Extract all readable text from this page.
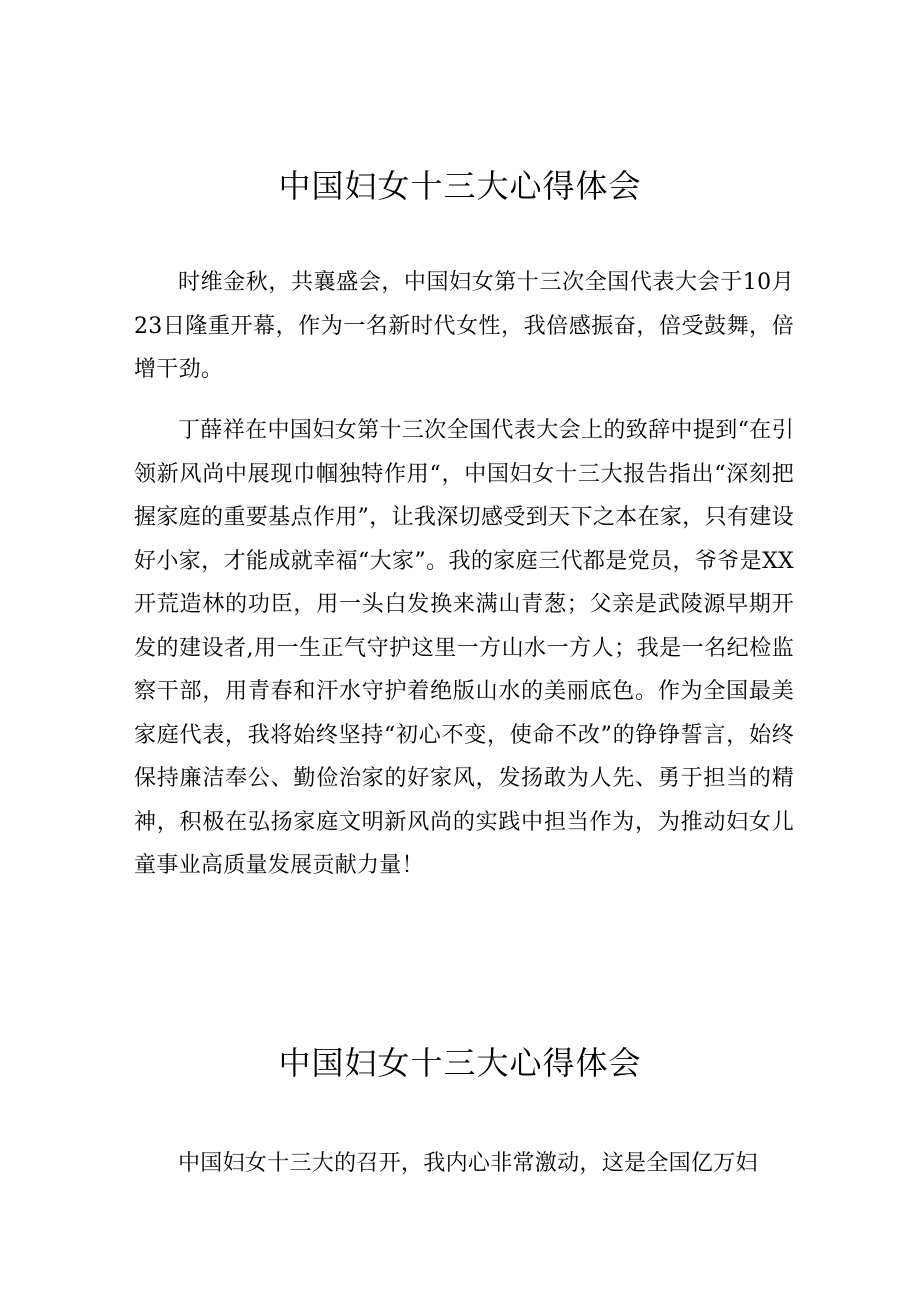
中国妇女十三大心得体会

时维金秋，共襄盛会，中国妇女第十三次全国代表大会于10月23日隆重开幕，作为一名新时代女性，我倍感振奋，倍受鼓舞，倍增干劲。

丁薛祥在中国妇女第十三次全国代表大会上的致辞中提到“在引领新风尚中展现巾帼独特作用“，中国妇女十三大报告指出“深刻把握家庭的重要基点作用”，让我深切感受到天下之本在家，只有建设好小家，才能成就幸福“大家”。我的家庭三代都是党员，爷爷是XX开荒造林的功臣，用一头白发换来满山青葱；父亲是武陵源早期开发的建设者,用一生正气守护这里一方山水一方人；我是一名纪检监察干部，用青春和汗水守护着绝版山水的美丽底色。作为全国最美家庭代表，我将始终坚持“初心不变，使命不改”的铮铮誓言，始终保持廉洁奉公、勤俭治家的好家风，发扬敢为人先、勇于担当的精神，积极在弘扬家庭文明新风尚的实践中担当作为，为推动妇女儿童事业高质量发展贡献力量！

中国妇女十三大心得体会

中国妇女十三大的召开，我内心非常激动，这是全国亿万妇
